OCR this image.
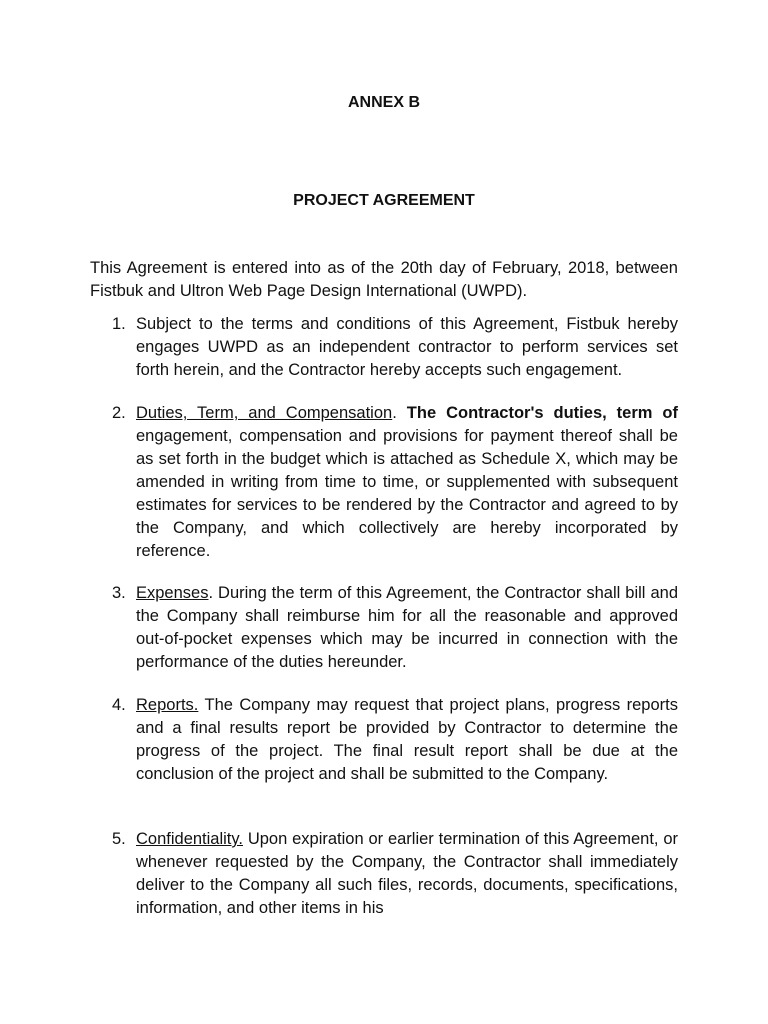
ANNEX B
PROJECT AGREEMENT
This Agreement is entered into as of the 20th day of February, 2018, between Fistbuk and Ultron Web Page Design International (UWPD).
1. Subject to the terms and conditions of this Agreement, Fistbuk hereby engages UWPD as an independent contractor to perform services set forth herein, and the Contractor hereby accepts such engagement.
2. Duties, Term, and Compensation. The Contractor's duties, term of engagement, compensation and provisions for payment thereof shall be as set forth in the budget which is attached as Schedule X, which may be amended in writing from time to time, or supplemented with subsequent estimates for services to be rendered by the Contractor and agreed to by the Company, and which collectively are hereby incorporated by reference.
3. Expenses. During the term of this Agreement, the Contractor shall bill and the Company shall reimburse him for all the reasonable and approved out-of-pocket expenses which may be incurred in connection with the performance of the duties hereunder.
4. Reports. The Company may request that project plans, progress reports and a final results report be provided by Contractor to determine the progress of the project. The final result report shall be due at the conclusion of the project and shall be submitted to the Company.
5. Confidentiality. Upon expiration or earlier termination of this Agreement, or whenever requested by the Company, the Contractor shall immediately deliver to the Company all such files, records, documents, specifications, information, and other items in his
